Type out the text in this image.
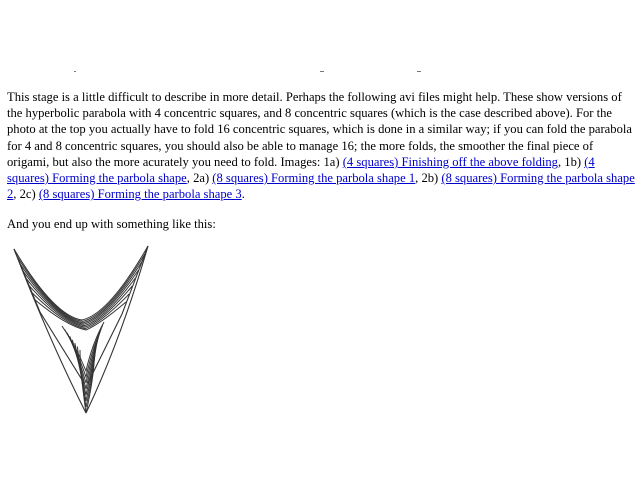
This stage is a little difficult to describe in more detail. Perhaps the following avi files might help. These show versions of the hyperbolic parabola with 4 concentric squares, and 8 concentric squares (which is the case described above). For the photo at the top you actually have to fold 16 concentric squares, which is done in a similar way; if you can fold the parabola for 4 and 8 concentric squares, you should also be able to manage 16; the more folds, the smoother the final piece of origami, but also the more acurately you need to fold. Images: 1a) (4 squares) Finishing off the above folding, 1b) (4 squares) Forming the parbola shape, 2a) (8 squares) Forming the parbola shape 1, 2b) (8 squares) Forming the parbola shape 2, 2c) (8 squares) Forming the parbola shape 3.

And you end up with something like this:
